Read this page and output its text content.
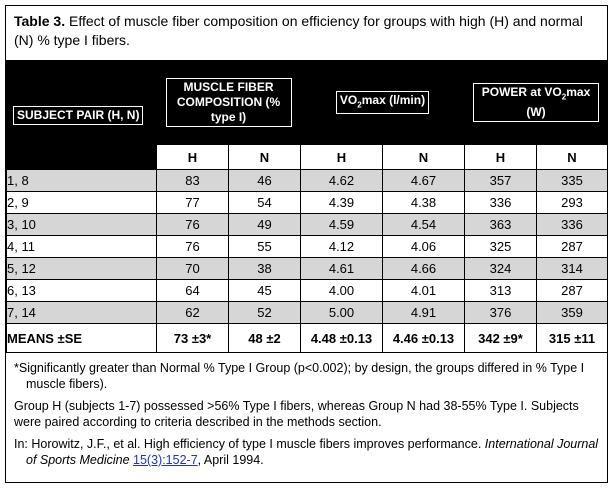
Table 3. Effect of muscle fiber composition on efficiency for groups with high (H) and normal (N) % type I fibers.
SUBJECT PAIR (H, N)	MUSCLE FIBER COMPOSITION (% type I)		$VO_2\max$ (l/min)		POWER at $VO_2\max$ (W)	
	H	N	H	N	H	N
1, 8	83	46	4.62	4.67	357	335
2, 9	77	54	4.39	4.38	336	293
3, 10	76	49	4.59	4.54	363	336
4, 11	76	55	4.12	4.06	325	287
5, 12	70	38	4.61	4.66	324	314
6, 13	64	45	4.00	4.01	313	287
7, 14	62	52	5.00	4.91	376	359
MEANS ±SE	73 ±3*	48 ±2	4.48 ±0.13	4.46 ±0.13	342 ±9*	315 ±11

*Significantly greater than Normal % Type I Group (p<0.002); by design, the groups differed in % Type I muscle fibers).

Group H (subjects 1-7) possessed >56% Type I fibers, whereas Group N had 38-55% Type I. Subjects were paired according to criteria described in the methods section.

In: Horowitz, J.F., et al. High efficiency of type I muscle fibers improves performance. International Journal of Sports Medicine 15(3):152-7, April 1994.
